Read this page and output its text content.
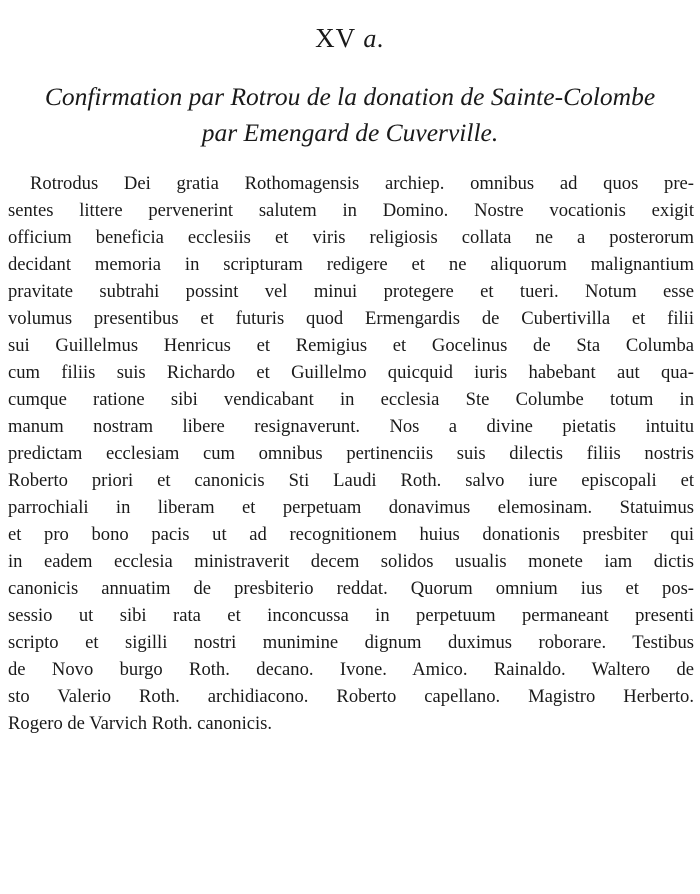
XV a.
Confirmation par Rotrou de la donation de Sainte-Colombe
par Emengard de Cuverville.
Rotrodus Dei gratia Rothomagensis archiep. omnibus ad quos pre-
sentes littere pervenerint salutem in Domino. Nostre vocationis exigit
officium beneficia ecclesiis et viris religiosis collata ne a posterorum
decidant memoria in scripturam redigere et ne aliquorum malignantium
pravitate subtrahi possint vel minui protegere et tueri. Notum esse
volumus presentibus et futuris quod Ermengardis de Cubertivilla et filii
sui Guillelmus Henricus et Remigius et Gocelinus de Sta Columba
cum filiis suis Richardo et Guillelmo quicquid iuris habebant aut qua-
cumque ratione sibi vendicabant in ecclesia Ste Columbe totum in
manum nostram libere resignaverunt. Nos a divine pietatis intuitu
predictam ecclesiam cum omnibus pertinenciis suis dilectis filiis nostris
Roberto priori et canonicis Sti Laudi Roth. salvo iure episcopali et
parrochiali in liberam et perpetuam donavimus elemosinam. Statuimus
et pro bono pacis ut ad recognitionem huius donationis presbiter qui
in eadem ecclesia ministraverit decem solidos usualis monete iam dictis
canonicis annuatim de presbiterio reddat. Quorum omnium ius et pos-
sessio ut sibi rata et inconcussa in perpetuum permaneant presenti
scripto et sigilli nostri munimine dignum duximus roborare. Testibus
de Novo burgo Roth. decano. Ivone. Amico. Rainaldo. Waltero de
sto Valerio Roth. archidiacono. Roberto capellano. Magistro Herberto.
Rogero de Varvich Roth. canonicis.
